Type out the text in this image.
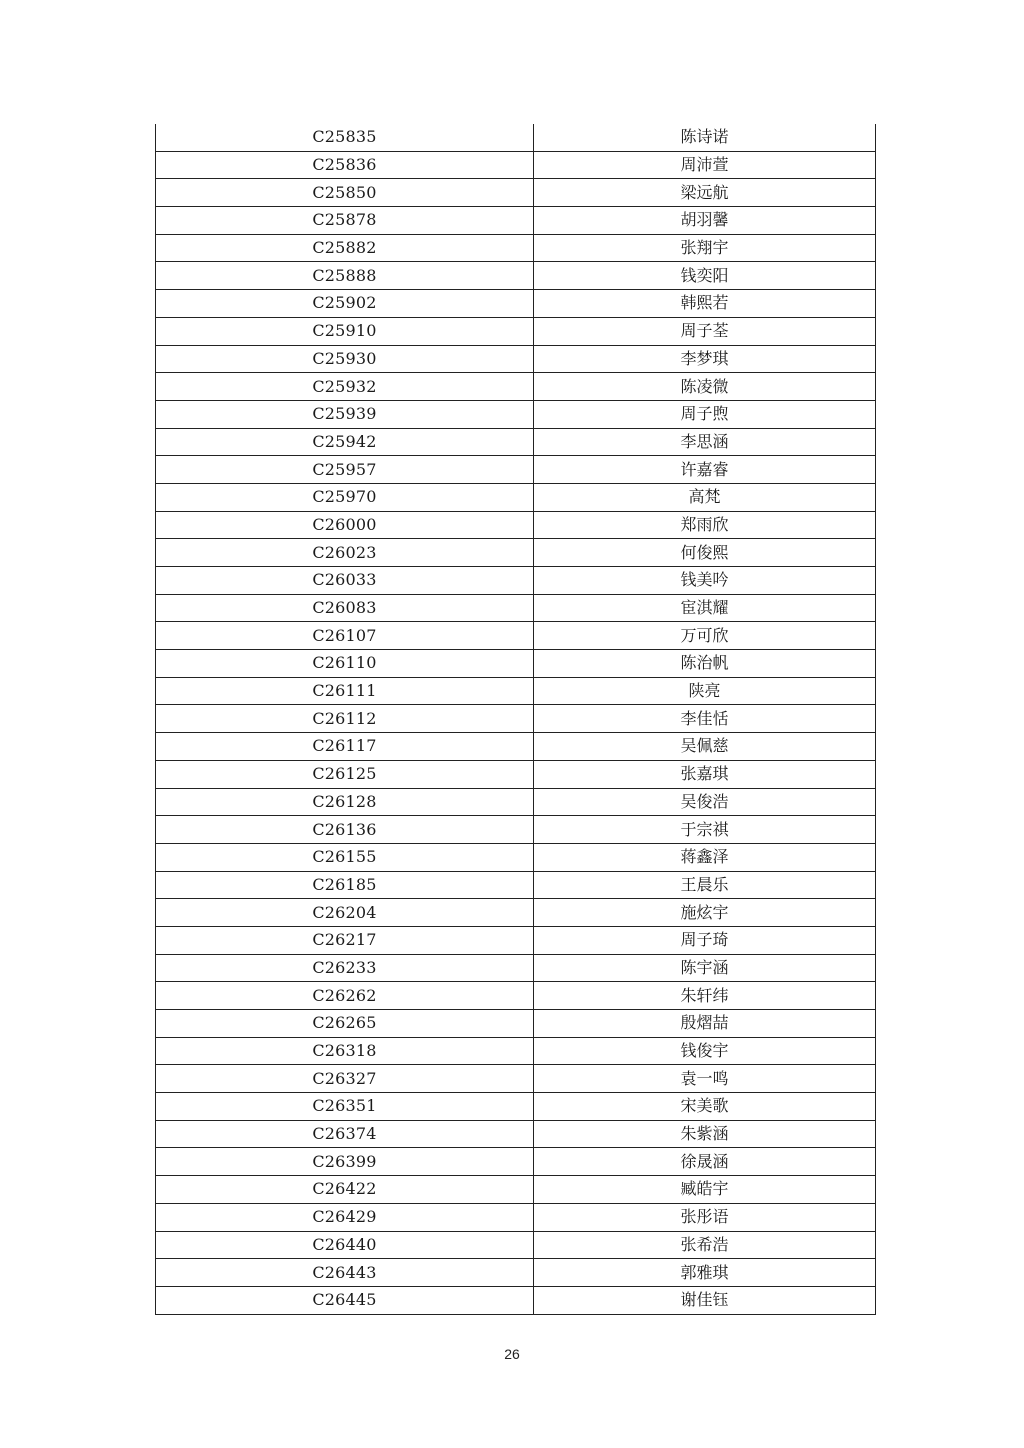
C25835	陈诗诺
C25836	周沛萱
C25850	梁远航
C25878	胡羽馨
C25882	张翔宇
C25888	钱奕阳
C25902	韩熙若
C25910	周子荃
C25930	李梦琪
C25932	陈凌微
C25939	周子煦
C25942	李思涵
C25957	许嘉睿
C25970	高梵
C26000	郑雨欣
C26023	何俊熙
C26033	钱美吟
C26083	宦淇耀
C26107	万可欣
C26110	陈治帆
C26111	陕亮
C26112	李佳恬
C26117	吴佩慈
C26125	张嘉琪
C26128	吴俊浩
C26136	于宗祺
C26155	蒋鑫泽
C26185	王晨乐
C26204	施炫宇
C26217	周子琦
C26233	陈宇涵
C26262	朱轩纬
C26265	殷熠喆
C26318	钱俊宇
C26327	袁一鸣
C26351	宋美歌
C26374	朱紫涵
C26399	徐晟涵
C26422	臧皓宇
C26429	张彤语
C26440	张希浩
C26443	郭雅琪
C26445	谢佳钰
26
